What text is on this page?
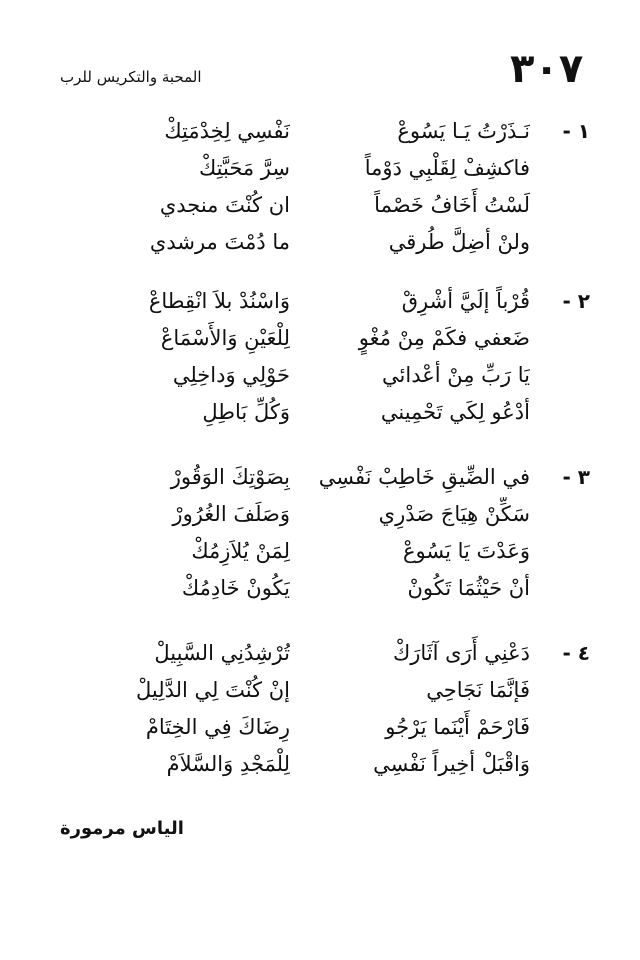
٣٠٧
المحبة والتكريس للرب
١ -
نَـذَرْتُ يَـا يَسُوعْ
نَفْسِي لِخِدْمَتِكْ
فاكشِفْ لِقَلْبِي دَوْماً
سِرَّ مَحَبَّتِكْ
لَسْتُ أَخَافُ خَصْماً
ان كُنْتَ منجدي
ولنْ أضِلَّ طُرقي
ما دُمْتَ مرشدي
٢ -
قُرْباً إلَيَّ أشْرِقْ
وَاسْنُدْ بلاَ انْقِطاعْ
ضَعفي فكَمْ مِنْ مُغْوٍ
لِلْعَيْنِ وَالأَسْمَاعْ
يَا رَبِّ مِنْ أعْدائي
حَوْلِي وَداخِلِي
أدْعُو لِكَي تَحْمِيني
وَكُلِّ بَاطِلِ
٣ -
في الضِّيقِ خَاطِبْ نَفْسِي
بِصَوْتِكَ الوَقُورْ
سَكِّنْ هِيَاجَ صَدْرِي
وَصَلَفَ الغُرُورْ
وَعَدْتَ يَا يَسُوعْ
لِمَنْ يُلاَزِمُكْ
أنْ حَيْثُمَا تَكُونْ
يَكُونْ خَادِمُكْ
٤ -
دَعْنِي أَرَى آثَارَكْ
تُرْشِدُنِي السَّبِيلْ
فَإنَّمَا نَجَاحِي
إنْ كُنْتَ لِي الدَّلِيلْ
فَارْحَمْ أَيْنَما يَرْجُو
رِضَاكَ فِي الخِتَامْ
وَاقْبَلْ أخِيراً نَفْسِي
لِلْمَجْدِ وَالسَّلاَمْ
الياس مرمورة
